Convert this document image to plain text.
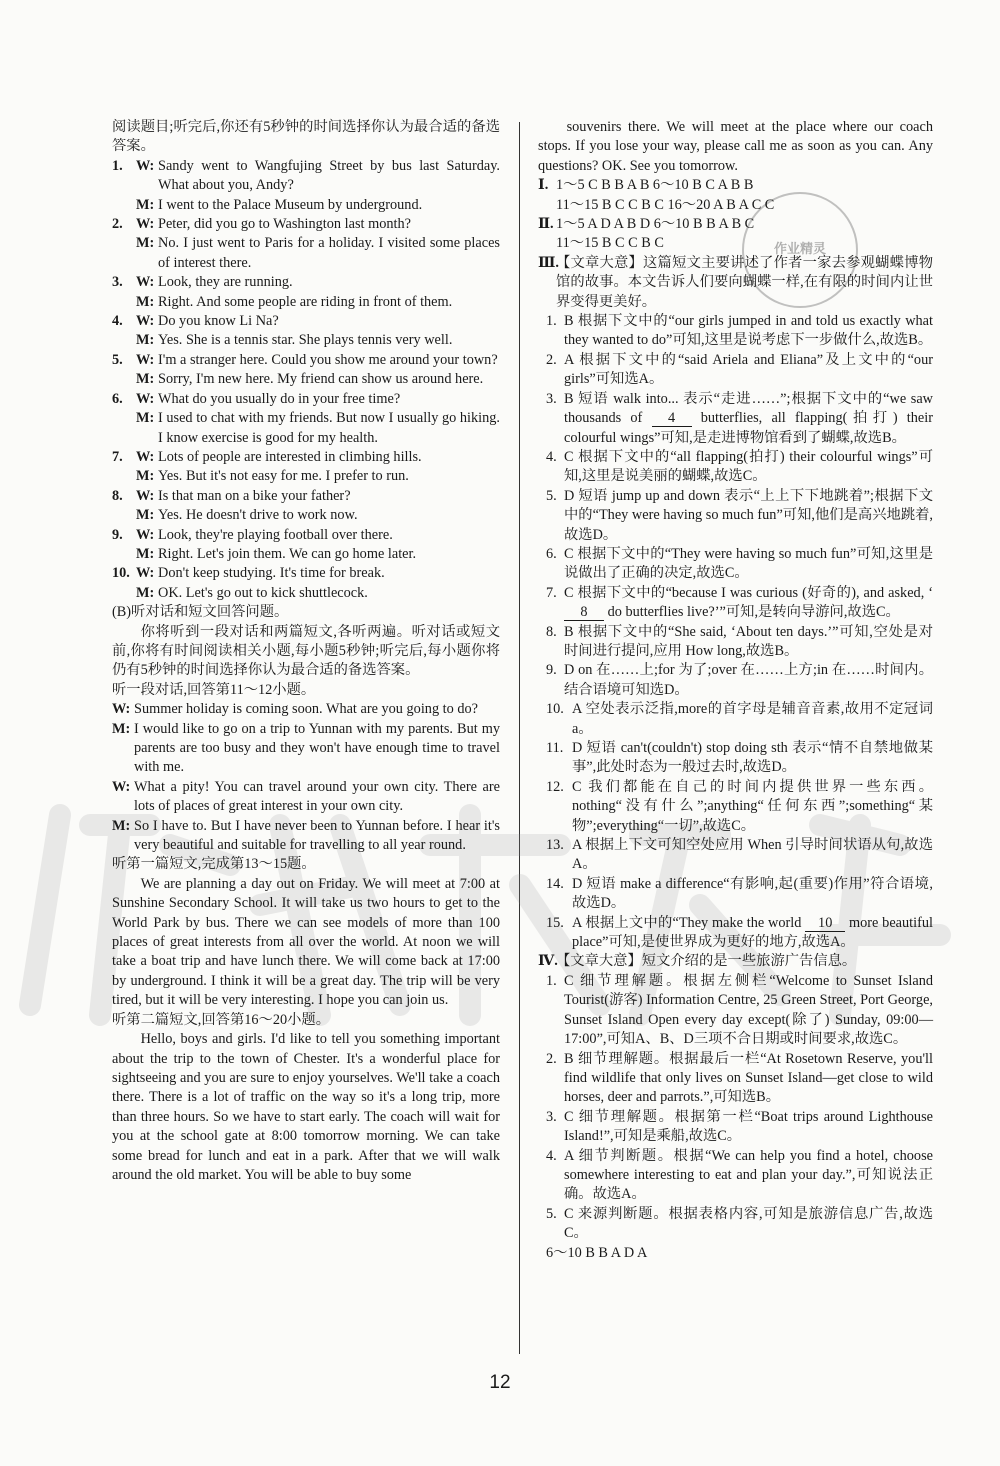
作业精灵

阅读题目;听完后,你还有5秒钟的时间选择你认为最合适的备选答案。

1. W: Sandy went to Wangfujing Street by bus last Saturday. What about you, Andy?
M: I went to the Palace Museum by underground.
2. W: Peter, did you go to Washington last month?
M: No. I just went to Paris for a holiday. I visited some places of interest there.
3. W: Look, they are running.
M: Right. And some people are riding in front of them.
4. W: Do you know Li Na?
M: Yes. She is a tennis star. She plays tennis very well.
5. W: I'm a stranger here. Could you show me around your town?
M: Sorry, I'm new here. My friend can show us around here.
6. W: What do you usually do in your free time?
M: I used to chat with my friends. But now I usually go hiking. I know exercise is good for my health.
7. W: Lots of people are interested in climbing hills.
M: Yes. But it's not easy for me. I prefer to run.
8. W: Is that man on a bike your father?
M: Yes. He doesn't drive to work now.
9. W: Look, they're playing football over there.
M: Right. Let's join them. We can go home later.
10. W: Don't keep studying. It's time for break.
M: OK. Let's go out to kick shuttlecock.

(B)听对话和短文回答问题。

你将听到一段对话和两篇短文,各听两遍。听对话或短文前,你将有时间阅读相关小题,每小题5秒钟;听完后,每小题你将仍有5秒钟的时间选择你认为最合适的备选答案。

听一段对话,回答第11～12小题。

W: Summer holiday is coming soon. What are you going to do?
M: I would like to go on a trip to Yunnan with my parents. But my parents are too busy and they won't have enough time to travel with me.
W: What a pity! You can travel around your own city. There are lots of places of great interest in your own city.
M: So I have to. But I have never been to Yunnan before. I hear it's very beautiful and suitable for travelling to all year round.

听第一篇短文,完成第13～15题。

We are planning a day out on Friday. We will meet at 7:00 at Sunshine Secondary School. It will take us two hours to get to the World Park by bus. There we can see models of more than 100 places of great interests from all over the world. At noon we will take a boat trip and have lunch there. We will come back at 17:00 by underground. I think it will be a great day. The trip will be very tired, but it will be very interesting. I hope you can join us.

听第二篇短文,回答第16～20小题。

Hello, boys and girls. I'd like to tell you something important about the trip to the town of Chester. It's a wonderful place for sightseeing and you are sure to enjoy yourselves. We'll take a coach there. There is a lot of traffic on the way so it's a long trip, more than three hours. So we have to start early. The coach will wait for you at the school gate at 8:00 tomorrow morning. We can take some bread for lunch and eat in a park. After that we will walk around the old market. You will be able to buy some

souvenirs there. We will meet at the place where our coach stops. If you lose your way, please call me as soon as you can. Any questions? OK. See you tomorrow.

Ⅰ. 1～5 C B B A B 6～10 B C A B B
11～15 B C C B C 16～20 A B A C C
Ⅱ. 1～5 A D A B D 6～10 B B A B C
11～15 B C C B C
Ⅲ.
【文章大意】这篇短文主要讲述了作者一家去参观蝴蝶博物馆的故事。本文告诉人们要向蝴蝶一样,在有限的时间内让世界变得更美好。
1. B 根据下文中的“our girls jumped in and told us exactly what they wanted to do”可知,这里是说考虑下一步做什么,故选B。
2. A 根据下文中的“said Ariela and Eliana”及上文中的“our girls”可知选A。
3. B 短语 walk into... 表示“走进……”;根据下文中的“we saw thousands of 4 butterflies, all flapping(拍打) their colourful wings”可知,是走进博物馆看到了蝴蝶,故选B。
4. C 根据下文中的“all flapping(拍打) their colourful wings”可知,这里是说美丽的蝴蝶,故选C。
5. D 短语 jump up and down 表示“上上下下地跳着”;根据下文中的“They were having so much fun”可知,他们是高兴地跳着,故选D。
6. C 根据下文中的“They were having so much fun”可知,这里是说做出了正确的决定,故选C。
7. C 根据下文中的“because I was curious (好奇的), and asked, ‘8 do butterflies live?’”可知,是转向导游问,故选C。
8. B 根据下文中的“She said, ‘About ten days.’”可知,空处是对时间进行提问,应用 How long,故选B。
9. D on 在……上;for 为了;over 在……上方;in 在……时间内。结合语境可知选D。
10. A 空处表示泛指,more的首字母是辅音音素,故用不定冠词 a。
11. D 短语 can't(couldn't) stop doing sth 表示“情不自禁地做某事”,此处时态为一般过去时,故选D。
12. C 我们都能在自己的时间内提供世界一些东西。nothing“没有什么”;anything“任何东西”;something“某物”;everything“一切”,故选C。
13. A 根据上下文可知空处应用 When 引导时间状语从句,故选A。
14. D 短语 make a difference“有影响,起(重要)作用”符合语境,故选D。
15. A 根据上文中的“They make the world 10 more beautiful place”可知,是使世界成为更好的地方,故选A。
Ⅳ.
【文章大意】短文介绍的是一些旅游广告信息。
1. C 细节理解题。根据左侧栏“Welcome to Sunset Island Tourist(游客) Information Centre, 25 Green Street, Port George, Sunset Island Open every day except(除了) Sunday, 09:00—17:00”,可知A、B、D三项不合日期或时间要求,故选C。
2. B 细节理解题。根据最后一栏“At Rosetown Reserve, you'll find wildlife that only lives on Sunset Island—get close to wild horses, deer and parrots.”,可知选B。
3. C 细节理解题。根据第一栏“Boat trips around Lighthouse Island!”,可知是乘船,故选C。
4. A 细节判断题。根据“We can help you find a hotel, choose somewhere interesting to eat and plan your day.”,可知说法正确。故选A。
5. C 来源判断题。根据表格内容,可知是旅游信息广告,故选C。
6～10 B B A D A
12
